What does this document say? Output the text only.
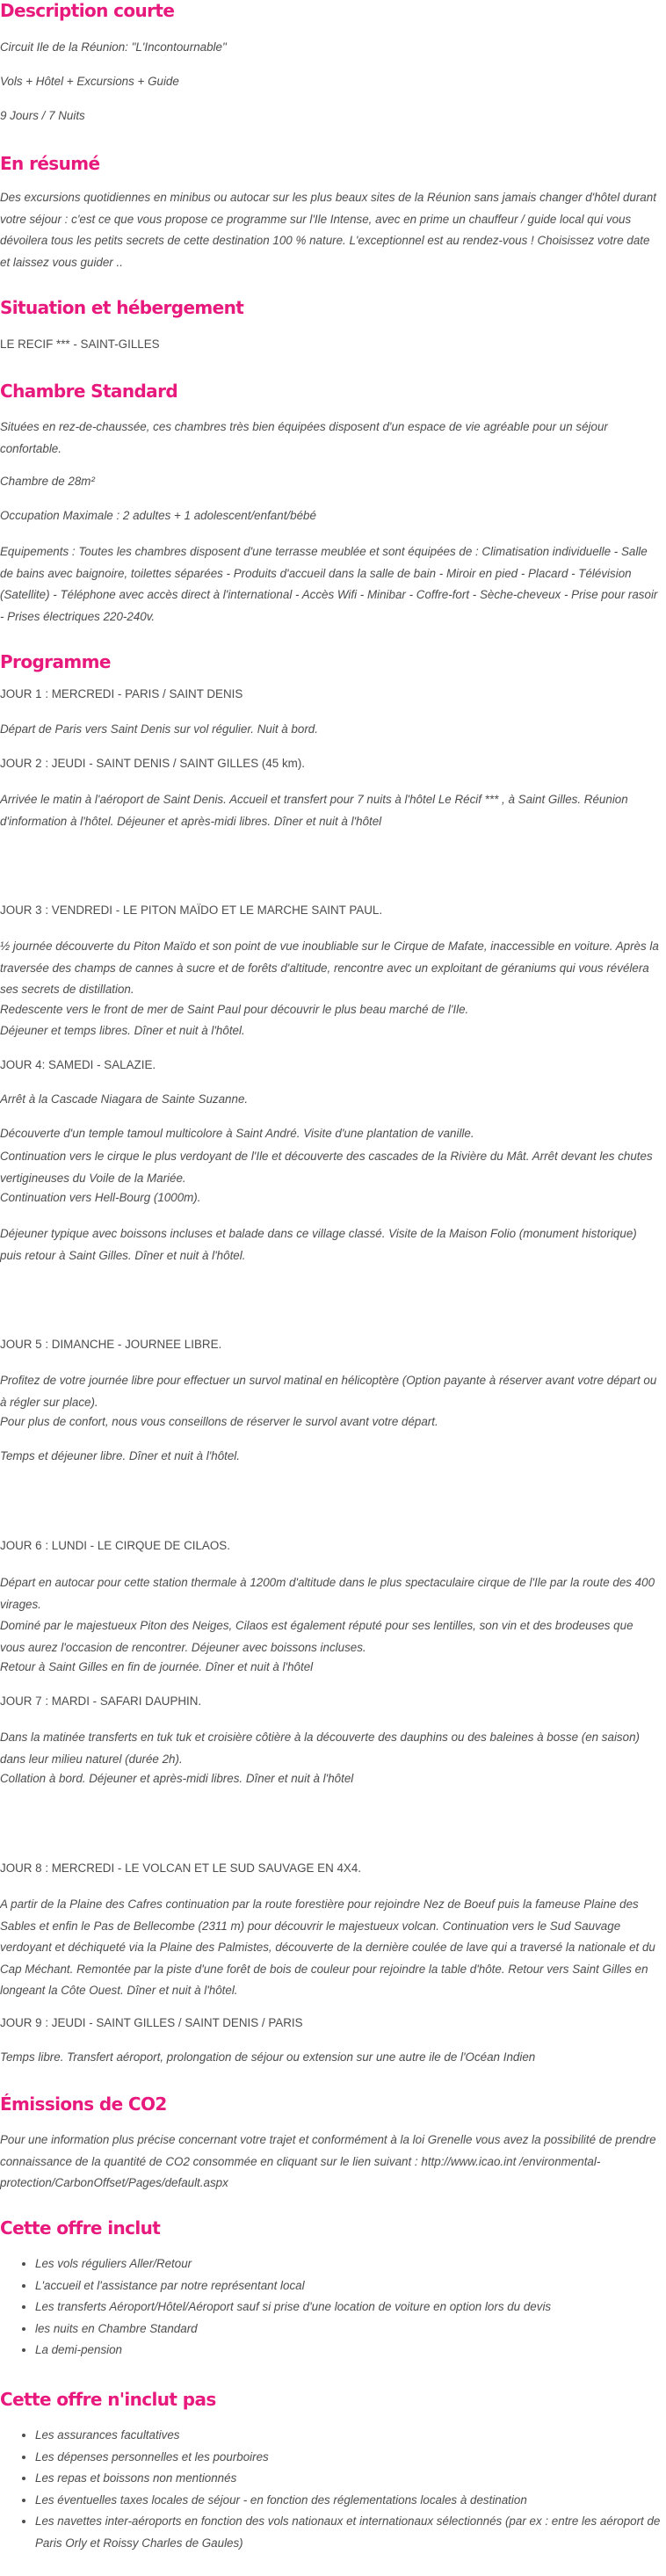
Description courte

Circuit Ile de la Réunion: "L'Incontournable"

Vols + Hôtel + Excursions + Guide

9 Jours / 7 Nuits

En résumé

Des excursions quotidiennes en minibus ou autocar sur les plus beaux sites de la Réunion sans jamais changer d'hôtel durant votre séjour : c'est ce que vous propose ce programme sur l'Ile Intense, avec en prime un chauffeur / guide local qui vous dévoilera tous les petits secrets de cette destination 100 % nature. L'exceptionnel est au rendez-vous ! Choisissez votre date et laissez vous guider ..

Situation et hébergement

LE RECIF *** - SAINT-GILLES

Chambre Standard

Situées en rez-de-chaussée, ces chambres très bien équipées disposent d'un espace de vie agréable pour un séjour confortable.

Chambre de 28m²

Occupation Maximale : 2 adultes + 1 adolescent/enfant/bébé

Equipements : Toutes les chambres disposent d'une terrasse meublée et sont équipées de : Climatisation individuelle - Salle de bains avec baignoire, toilettes séparées - Produits d'accueil dans la salle de bain - Miroir en pied - Placard - Télévision (Satellite) - Téléphone avec accès direct à l'international - Accès Wifi - Minibar - Coffre-fort - Sèche-cheveux - Prise pour rasoir - Prises électriques 220-240v.

Programme

JOUR 1 : MERCREDI - PARIS / SAINT DENIS

Départ de Paris vers Saint Denis sur vol régulier. Nuit à bord.

JOUR 2 : JEUDI - SAINT DENIS / SAINT GILLES (45 km).

Arrivée le matin à l'aéroport de Saint Denis. Accueil et transfert pour 7 nuits à l'hôtel Le Récif *** , à Saint Gilles. Réunion d'information à l'hôtel. Déjeuner et après-midi libres. Dîner et nuit à l'hôtel

JOUR 3 : VENDREDI - LE PITON MAÏDO ET LE MARCHE SAINT PAUL.

½ journée découverte du Piton Maïdo et son point de vue inoubliable sur le Cirque de Mafate, inaccessible en voiture. Après la traversée des champs de cannes à sucre et de forêts d'altitude, rencontre avec un exploitant de géraniums qui vous révélera ses secrets de distillation.

Redescente vers le front de mer de Saint Paul pour découvrir le plus beau marché de l'Ile.

Déjeuner et temps libres. Dîner et nuit à l'hôtel.

JOUR 4: SAMEDI - SALAZIE.

Arrêt à la Cascade Niagara de Sainte Suzanne.

Découverte d'un temple tamoul multicolore à Saint André. Visite d'une plantation de vanille.

Continuation vers le cirque le plus verdoyant de l'Ile et découverte des cascades de la Rivière du Mât. Arrêt devant les chutes vertigineuses du Voile de la Mariée.

Continuation vers Hell-Bourg (1000m).

Déjeuner typique avec boissons incluses et balade dans ce village classé. Visite de la Maison Folio (monument historique) puis retour à Saint Gilles. Dîner et nuit à l'hôtel.

JOUR 5 : DIMANCHE - JOURNEE LIBRE.

Profitez de votre journée libre pour effectuer un survol matinal en hélicoptère (Option payante à réserver avant votre départ ou à régler sur place).

Pour plus de confort, nous vous conseillons de réserver le survol avant votre départ.

Temps et déjeuner libre. Dîner et nuit à l'hôtel.

JOUR 6 : LUNDI - LE CIRQUE DE CILAOS.

Départ en autocar pour cette station thermale à 1200m d'altitude dans le plus spectaculaire cirque de l'Ile par la route des 400 virages.

Dominé par le majestueux Piton des Neiges, Cilaos est également réputé pour ses lentilles, son vin et des brodeuses que vous aurez l'occasion de rencontrer. Déjeuner avec boissons incluses.

Retour à Saint Gilles en fin de journée. Dîner et nuit à l'hôtel

JOUR 7 : MARDI - SAFARI DAUPHIN.

Dans la matinée transferts en tuk tuk et croisière côtière à la découverte des dauphins ou des baleines à bosse (en saison) dans leur milieu naturel (durée 2h).

Collation à bord. Déjeuner et après-midi libres. Dîner et nuit à l'hôtel

JOUR 8 : MERCREDI - LE VOLCAN ET LE SUD SAUVAGE EN 4X4.

A partir de la Plaine des Cafres continuation par la route forestière pour rejoindre Nez de Boeuf puis la fameuse Plaine des Sables et enfin le Pas de Bellecombe (2311 m) pour découvrir le majestueux volcan. Continuation vers le Sud Sauvage verdoyant et déchiqueté via la Plaine des Palmistes, découverte de la dernière coulée de lave qui a traversé la nationale et du Cap Méchant. Remontée par la piste d'une forêt de bois de couleur pour rejoindre la table d'hôte. Retour vers Saint Gilles en longeant la Côte Ouest. Dîner et nuit à l'hôtel.

JOUR 9 : JEUDI - SAINT GILLES / SAINT DENIS / PARIS

Temps libre. Transfert aéroport, prolongation de séjour ou extension sur une autre ile de l'Océan Indien

Émissions de CO2

Pour une information plus précise concernant votre trajet et conformément à la loi Grenelle vous avez la possibilité de prendre connaissance de la quantité de CO2 consommée en cliquant sur le lien suivant : http://www.icao.int /environmental-protection/CarbonOffset/Pages/default.aspx

Cette offre inclut
• Les vols réguliers Aller/Retour
• L'accueil et l'assistance par notre représentant local
• Les transferts Aéroport/Hôtel/Aéroport sauf si prise d'une location de voiture en option lors du devis
• les nuits en Chambre Standard
• La demi-pension
Cette offre n'inclut pas
• Les assurances facultatives
• Les dépenses personnelles et les pourboires
• Les repas et boissons non mentionnés
• Les éventuelles taxes locales de séjour - en fonction des réglementations locales à destination
• Les navettes inter-aéroports en fonction des vols nationaux et internationaux sélectionnés (par ex : entre les aéroport de Paris Orly et Roissy Charles de Gaules)
